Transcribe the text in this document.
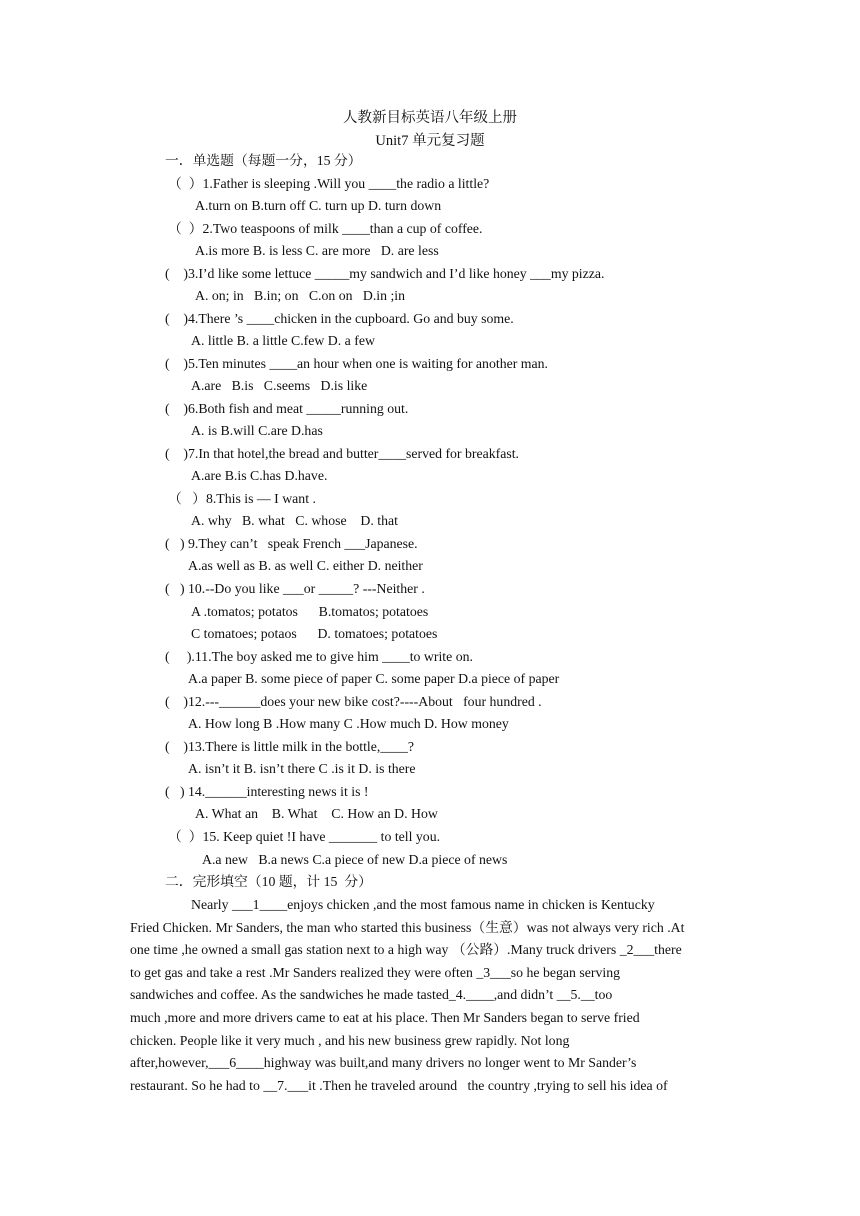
人教新目标英语八年级上册
Unit7 单元复习题
一．单选题（每题一分，15 分）
（  ）1.Father is sleeping .Will you ____the radio a little?
A.turn on B.turn off C. turn up D. turn down
（  ）2.Two teaspoons of milk ____than a cup of coffee.
A.is more B. is less C. are more   D. are less
(    )3.I’d like some lettuce _____my sandwich and I’d like honey ___my pizza.
A. on; in   B.in; on   C.on on   D.in ;in
(    )4.There ’s ____chicken in the cupboard. Go and buy some.
A. little B. a little C.few D. a few
(    )5.Ten minutes ____an hour when one is waiting for another man.
A.are   B.is   C.seems   D.is like
(    )6.Both fish and meat _____running out.
A. is B.will C.are D.has
(    )7.In that hotel,the bread and butter____served for breakfast.
A.are B.is C.has D.have.
（   ）8.This is — I want .
A. why   B. what   C. whose    D. that
(   ) 9.They can’t   speak French ___Japanese.
A.as well as B. as well C. either D. neither
(   ) 10.--Do you like ___or _____? ---Neither .
A .tomatos; potatos      B.tomatos; potatoes
C tomatoes; potaos      D. tomatoes; potatoes
(     ).11.The boy asked me to give him ____to write on.
A.a paper B. some piece of paper C. some paper D.a piece of paper
(    )12.---______does your new bike cost?----About   four hundred .
A. How long B .How many C .How much D. How money
(    )13.There is little milk in the bottle,____?
A. isn’t it B. isn’t there C .is it D. is there
(   ) 14.______interesting news it is !
A. What an    B. What    C. How an D. How
（  ）15. Keep quiet !I have _______ to tell you.
A.a new   B.a news C.a piece of new D.a piece of news
二．完形填空（10 题，计 15  分）

Nearly ___1____enjoys chicken ,and the most famous name in chicken is Kentucky

Fried Chicken. Mr Sanders, the man who started this business（生意）was not always very rich .At

one time ,he owned a small gas station next to a high way （公路）.Many truck drivers _2___there

to get gas and take a rest .Mr Sanders realized they were often _3___so he began serving

sandwiches and coffee. As the sandwiches he made tasted_4.____,and didn’t __5.__too

much ,more and more drivers came to eat at his place. Then Mr Sanders began to serve fried

chicken. People like it very much , and his new business grew rapidly. Not long

after,however,___6____highway was built,and many drivers no longer went to Mr Sander’s

restaurant. So he had to __7.___it .Then he traveled around   the country ,trying to sell his idea of
